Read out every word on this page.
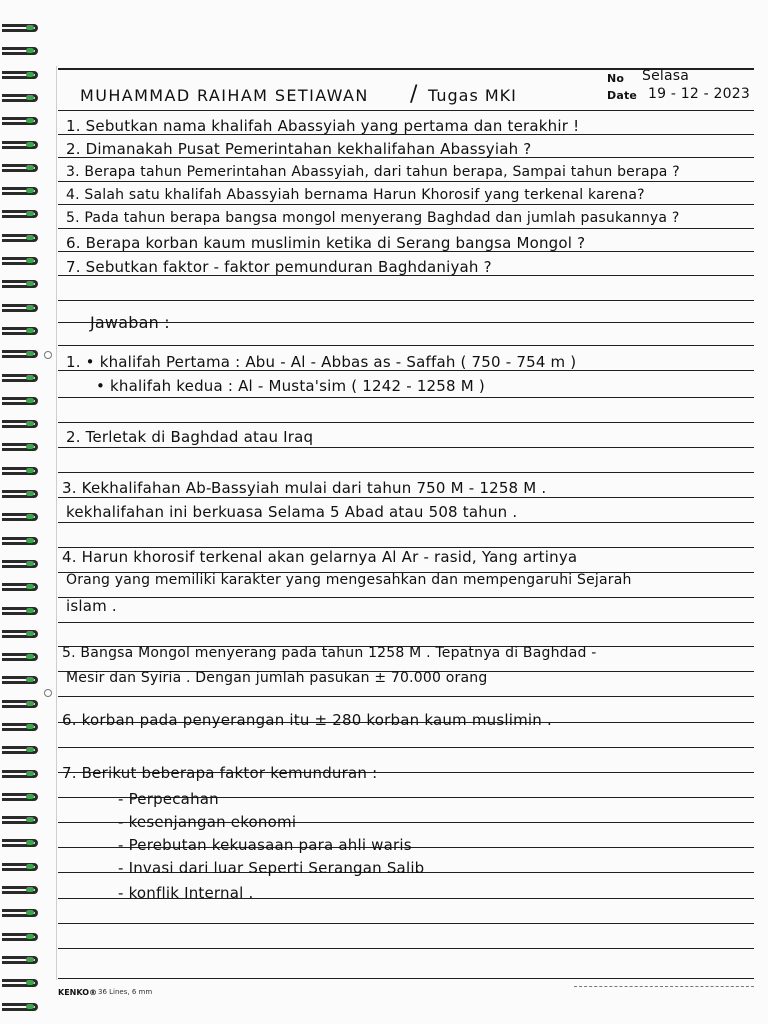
MUHAMMAD RAIHAM SETIAWAN / Tugas MKI
No Selasa
Date 19 - 12 - 2023
1. Sebutkan nama khalifah Abassyiah yang pertama dan terakhir !
2. Dimanakah Pusat Pemerintahan kekhalifahan Abassyiah ?
3. Berapa tahun Pemerintahan Abassyiah, dari tahun berapa, Sampai tahun berapa ?
4. Salah satu khalifah Abassyiah bernama Harun Khorosif yang terkenal karena?
5. Pada tahun berapa bangsa mongol menyerang Baghdad dan jumlah pasukannya ?
6. Berapa korban kaum muslimin ketika di Serang bangsa Mongol ?
7. Sebutkan faktor - faktor pemunduran Baghdaniyah ?
Jawaban :
1. • khalifah Pertama : Abu - Al - Abbas as - Saffah ( 750 - 754 m )
• khalifah kedua : Al - Musta'sim ( 1242 - 1258 M )
2. Terletak di Baghdad atau Iraq
3. Kekhalifahan Ab-Bassyiah mulai dari tahun 750 M - 1258 M .
kekhalifahan ini berkuasa Selama 5 Abad atau 508 tahun .
4. Harun khorosif terkenal akan gelarnya Al Ar - rasid, Yang artinya
Orang yang memiliki karakter yang mengesahkan dan mempengaruhi Sejarah
islam .
5. Bangsa Mongol menyerang pada tahun 1258 M . Tepatnya di Baghdad -
Mesir dan Syiria . Dengan jumlah pasukan ± 70.000 orang
6. korban pada penyerangan itu ± 280 korban kaum muslimin .
7. Berikut beberapa faktor kemunduran :
- Perpecahan
- kesenjangan ekonomi
- Perebutan kekuasaan para ahli waris
- Invasi dari luar Seperti Serangan Salib
- konflik Internal .
KENKO® 36 Lines, 6 mm
